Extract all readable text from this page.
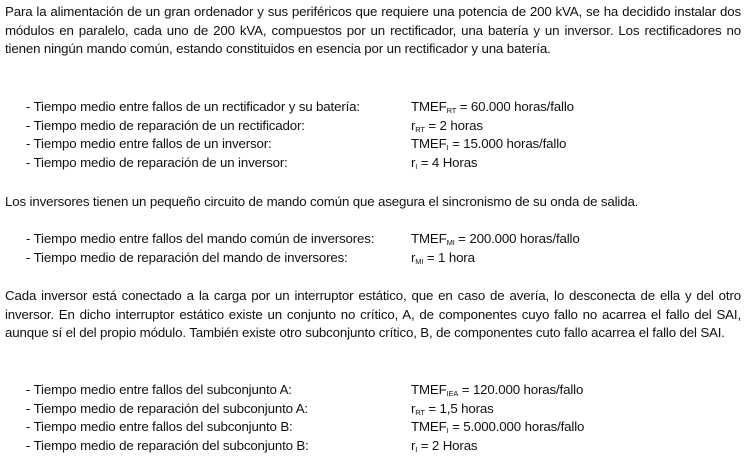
Para la alimentación de un gran ordenador y sus periféricos que requiere una potencia de 200 kVA, se ha decidido instalar dos módulos en paralelo, cada uno de 200 kVA, compuestos por un rectificador, una batería y un inversor. Los rectificadores no tienen ningún mando común, estando constituidos en esencia por un rectificador y una batería.

- Tiempo medio entre fallos de un rectificador y su batería:	$TMEF_{RT} = 60.000$ horas/fallo
- Tiempo medio de reparación de un rectificador:	$r_{RT} = 2$ horas
- Tiempo medio entre fallos de un inversor:	$TMEF_I = 15.000$ horas/fallo
- Tiempo medio de reparación de un inversor:	$r_I = 4$ Horas

Los inversores tienen un pequeño circuito de mando común que asegura el sincronismo de su onda de salida.

- Tiempo medio entre fallos del mando común de inversores:	$TMEF_{MI} = 200.000$ horas/fallo
- Tiempo medio de reparación del mando de inversores:	$r_{MI} = 1$ hora

Cada inversor está conectado a la carga por un interruptor estático, que en caso de avería, lo desconecta de ella y del otro inversor. En dicho interruptor estático existe un conjunto no crítico, A, de componentes cuyo fallo no acarrea el fallo del SAI, aunque sí el del propio módulo. También existe otro subconjunto crítico, B, de componentes cuto fallo acarrea el fallo del SAI.

- Tiempo medio entre fallos del subconjunto A:	$TMEF_{IEA} = 120.000$ horas/fallo
- Tiempo medio de reparación del subconjunto A:	$r_{RT} = 1,5$ horas
- Tiempo medio entre fallos del subconjunto B:	$TMEF_I = 5.000.000$ horas/fallo
- Tiempo medio de reparación del subconjunto B:	$r_I = 2$ Horas
